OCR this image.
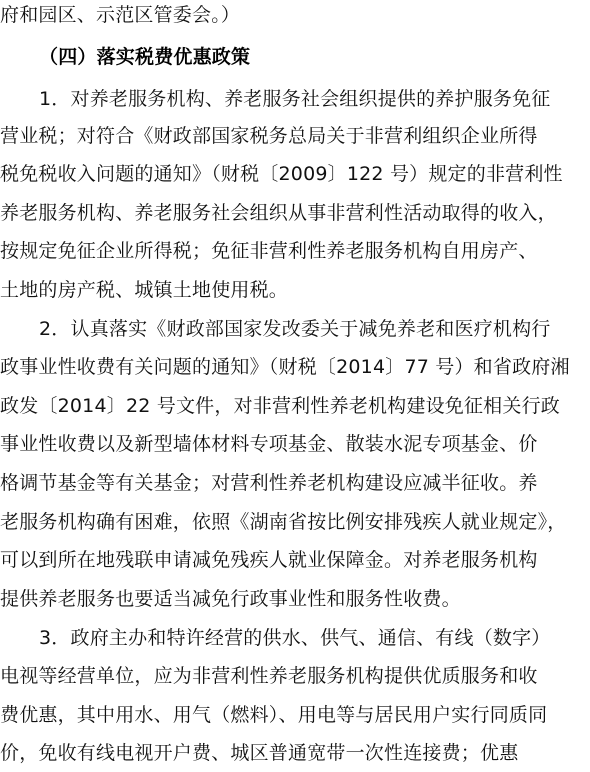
府和园区、示范区管委会。）
（四）落实税费优惠政策
1．对养老服务机构、养老服务社会组织提供的养护服务免征
营业税；对符合《财政部国家税务总局关于非营利组织企业所得
税免税收入问题的通知》（财税〔2009〕122 号）规定的非营利性
养老服务机构、养老服务社会组织从事非营利性活动取得的收入，
按规定免征企业所得税；免征非营利性养老服务机构自用房产、
土地的房产税、城镇土地使用税。
2．认真落实《财政部国家发改委关于减免养老和医疗机构行
政事业性收费有关问题的通知》（财税〔2014〕77 号）和省政府湘
政发〔2014〕22 号文件，对非营利性养老机构建设免征相关行政
事业性收费以及新型墙体材料专项基金、散装水泥专项基金、价
格调节基金等有关基金；对营利性养老机构建设应减半征收。养
老服务机构确有困难，依照《湖南省按比例安排残疾人就业规定》，
可以到所在地残联申请减免残疾人就业保障金。对养老服务机构
提供养老服务也要适当减免行政事业性和服务性收费。
3．政府主办和特许经营的供水、供气、通信、有线（数字）
电视等经营单位，应为非营利性养老服务机构提供优质服务和收
费优惠，其中用水、用气（燃料）、用电等与居民用户实行同质同
价，免收有线电视开户费、城区普通宽带一次性连接费；优惠
